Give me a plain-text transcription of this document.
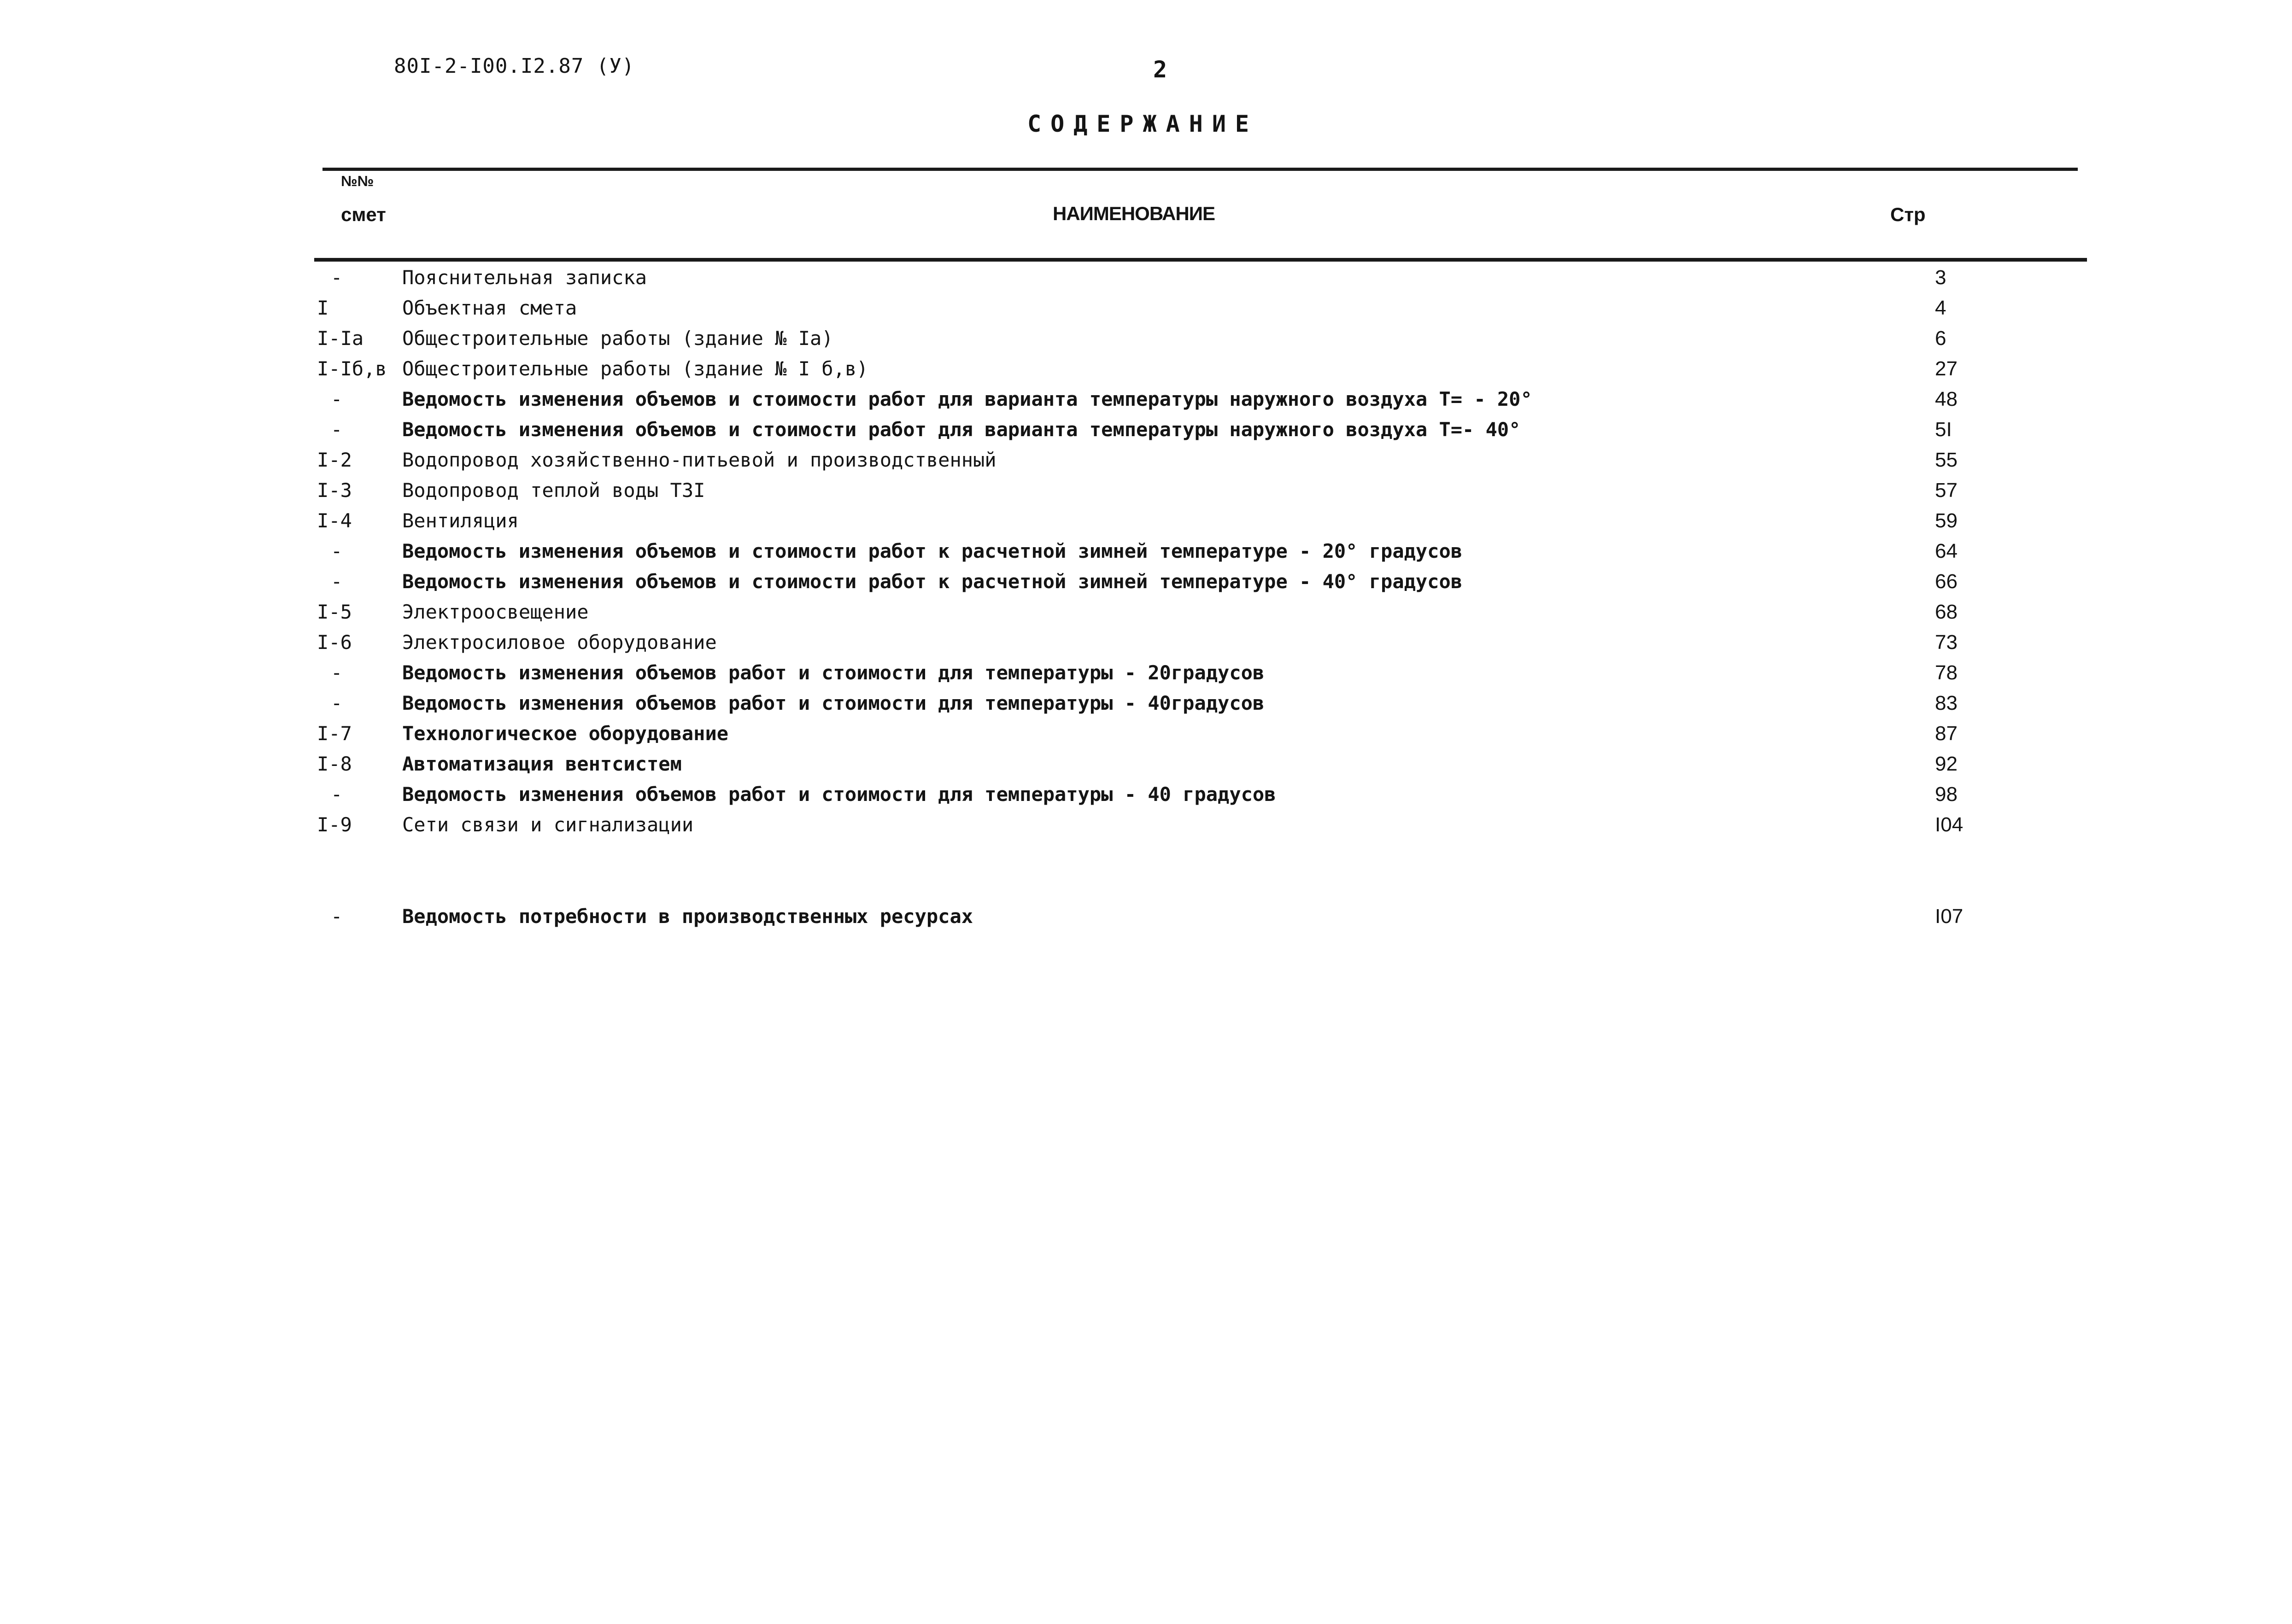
80I-2-I00.I2.87 (У)	2
СОДЕРЖАНИЕ
№№
смет	НАИМЕНОВАНИЕ	Стр
-	Пояснительная записка	3
I	Объектная смета	4
I-Iа Общестроительные работы (здание № Iа)	6
I-Iб,в Общестроительные работы (здание № I б,в)	27
-	Ведомость изменения объемов и стоимости работ для варианта температуры наружного воздуха Т= - 20°	48
-	Ведомость изменения объемов и стоимости работ для варианта температуры наружного воздуха Т=- 40°	5I
I-2	Водопровод хозяйственно-питьевой и производственный	55
I-3	Водопровод теплой воды Т3I	57
I-4	Вентиляция	59
-	Ведомость изменения объемов и стоимости работ к расчетной зимней температуре - 20° градусов	64
-	Ведомость изменения объемов и стоимости работ к расчетной зимней температуре - 40° градусов	66
I-5	Электроосвещение	68
I-6	Электросиловое оборудование	73
-	Ведомость изменения объемов работ и стоимости для температуры - 20градусов	78
-	Ведомость изменения объемов работ и стоимости для температуры - 40градусов	83
I-7	Технологическое оборудование	87
I-8	Автоматизация вентсистем	92
-	Ведомость изменения объемов работ и стоимости для температуры - 40 градусов	98
I-9	Сети связи и сигнализации	I04
-	Ведомость потребности в производственных ресурсах	I07
